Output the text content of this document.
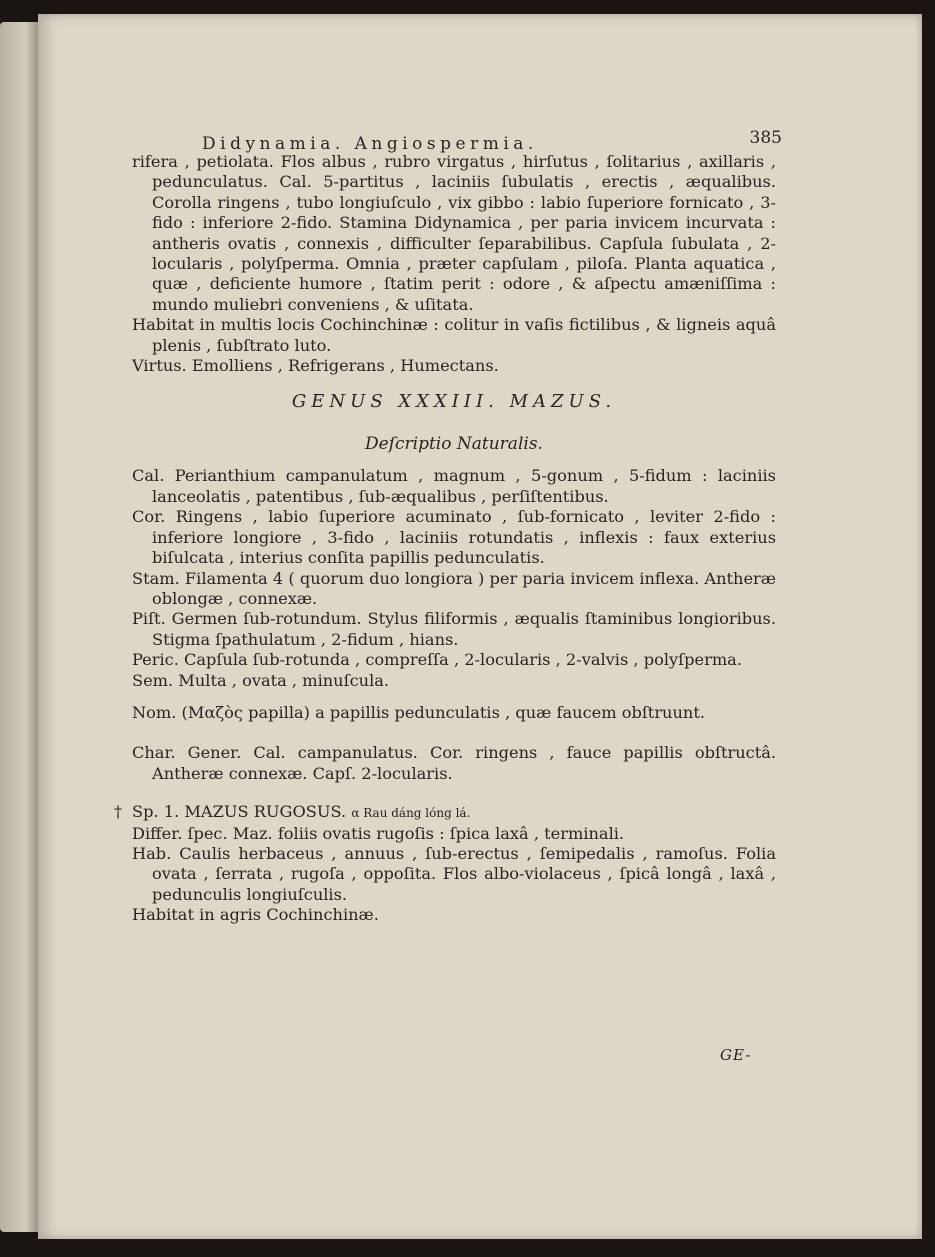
Didynamia. Angiospermia.	385

rifera , petiolata. Flos albus , rubro virgatus , hirſutus , ſolitarius , axillaris , pedunculatus. Cal. 5-partitus , laciniis ſubulatis , erectis , æqualibus. Corolla ringens , tubo longiuſculo , vix gibbo : labio ſuperiore fornicato , 3-fido : inferiore 2-fido. Stamina Didynamica , per paria invicem incurvata : antheris ovatis , connexis , difficulter ſeparabilibus. Capſula ſubulata , 2-locularis , polyſperma. Omnia , præter capſulam , piloſa. Planta aquatica , quæ , deficiente humore , ſtatim perit : odore , & aſpectu amæniſſima : mundo muliebri conveniens , & uſitata.

Habitat in multis locis Cochinchinæ : colitur in vaſis fictilibus , & ligneis aquâ plenis , ſubſtrato luto.

Virtus. Emolliens , Refrigerans , Humectans.

GENUS XXXIII. MAZUS.
Deſcriptio Naturalis.

Cal. Perianthium campanulatum , magnum , 5-gonum , 5-fidum : laciniis lanceolatis , patentibus , ſub-æqualibus , perſiſtentibus.

Cor. Ringens , labio ſuperiore acuminato , ſub-fornicato , leviter 2-fido : inferiore longiore , 3-fido , laciniis rotundatis , inflexis : faux exterius biſulcata , interius conſita papillis pedunculatis.

Stam. Filamenta 4 ( quorum duo longiora ) per paria invicem inflexa. Antheræ oblongæ , connexæ.

Piſt. Germen ſub-rotundum. Stylus filiformis , æqualis ſtaminibus longioribus. Stigma ſpathulatum , 2-fidum , hians.

Peric. Capſula ſub-rotunda , compreſſa , 2-locularis , 2-valvis , polyſperma.

Sem. Multa , ovata , minuſcula.

Nom. (Μαζὸς papilla) a papillis pedunculatis , quæ faucem obſtruunt.

Char. Gener. Cal. campanulatus. Cor. ringens , fauce papillis obſtructâ. Antheræ connexæ. Capſ. 2-locularis.

† Sp. 1. MAZUS RUGOSUS. α Rau dáng lóng lá.

Differ. ſpec. Maz. foliis ovatis rugoſis : ſpica laxâ , terminali.

Hab. Caulis herbaceus , annuus , ſub-erectus , ſemipedalis , ramoſus. Folia ovata , ſerrata , rugoſa , oppoſita. Flos albo-violaceus , ſpicâ longâ , laxâ , pedunculis longiuſculis.

Habitat in agris Cochinchinæ.

GE-
